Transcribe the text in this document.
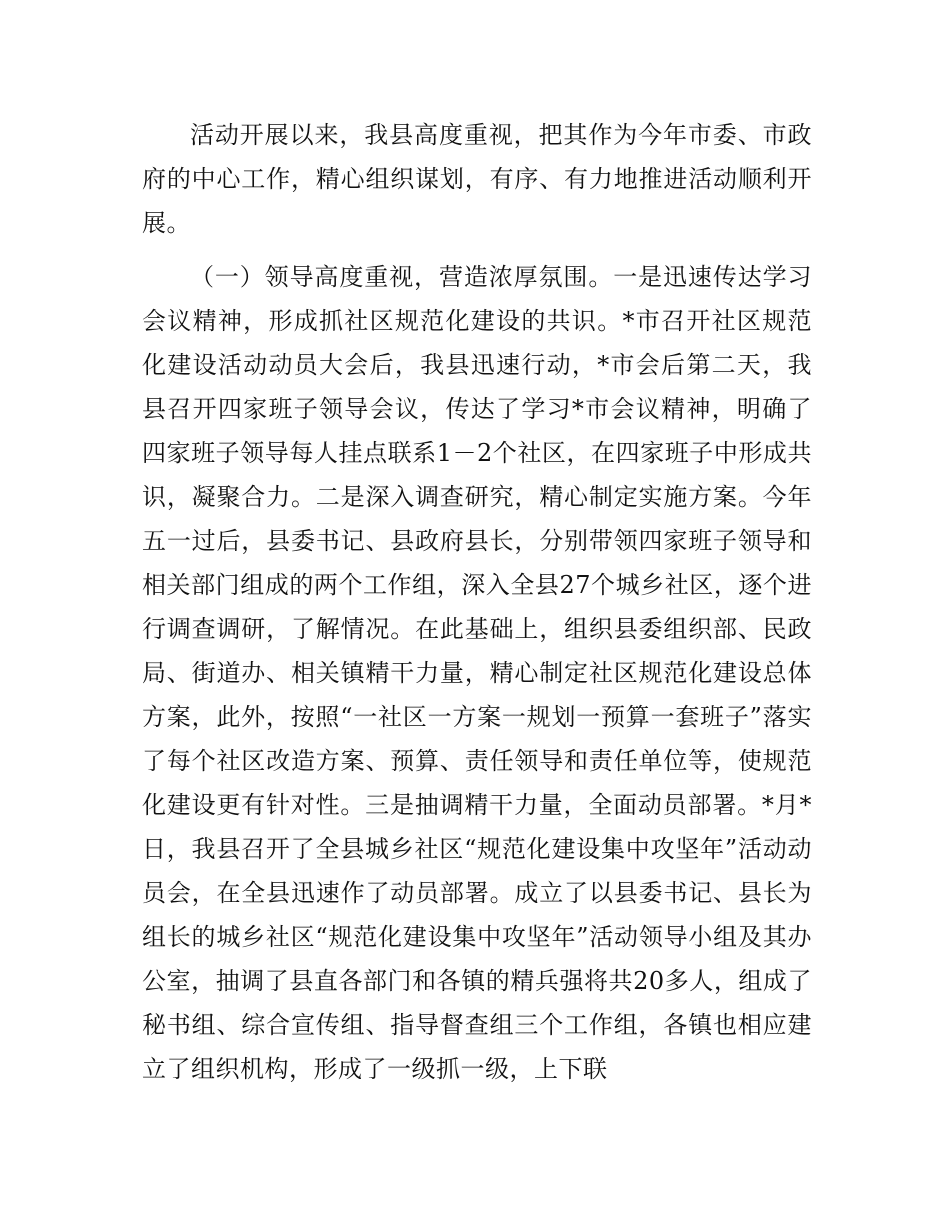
活动开展以来，我县高度重视，把其作为今年市委、市政府的中心工作，精心组织谋划，有序、有力地推进活动顺利开展。

（一）领导高度重视，营造浓厚氛围。一是迅速传达学习会议精神，形成抓社区规范化建设的共识。*市召开社区规范化建设活动动员大会后，我县迅速行动，*市会后第二天，我县召开四家班子领导会议，传达了学习*市会议精神，明确了四家班子领导每人挂点联系1－2个社区，在四家班子中形成共识，凝聚合力。二是深入调查研究，精心制定实施方案。今年五一过后，县委书记、县政府县长，分别带领四家班子领导和相关部门组成的两个工作组，深入全县27个城乡社区，逐个进行调查调研，了解情况。在此基础上，组织县委组织部、民政局、街道办、相关镇精干力量，精心制定社区规范化建设总体方案，此外，按照“一社区一方案一规划一预算一套班子”落实了每个社区改造方案、预算、责任领导和责任单位等，使规范化建设更有针对性。三是抽调精干力量，全面动员部署。*月*日，我县召开了全县城乡社区“规范化建设集中攻坚年”活动动员会，在全县迅速作了动员部署。成立了以县委书记、县长为组长的城乡社区“规范化建设集中攻坚年”活动领导小组及其办公室，抽调了县直各部门和各镇的精兵强将共20多人，组成了秘书组、综合宣传组、指导督查组三个工作组，各镇也相应建立了组织机构，形成了一级抓一级，上下联
